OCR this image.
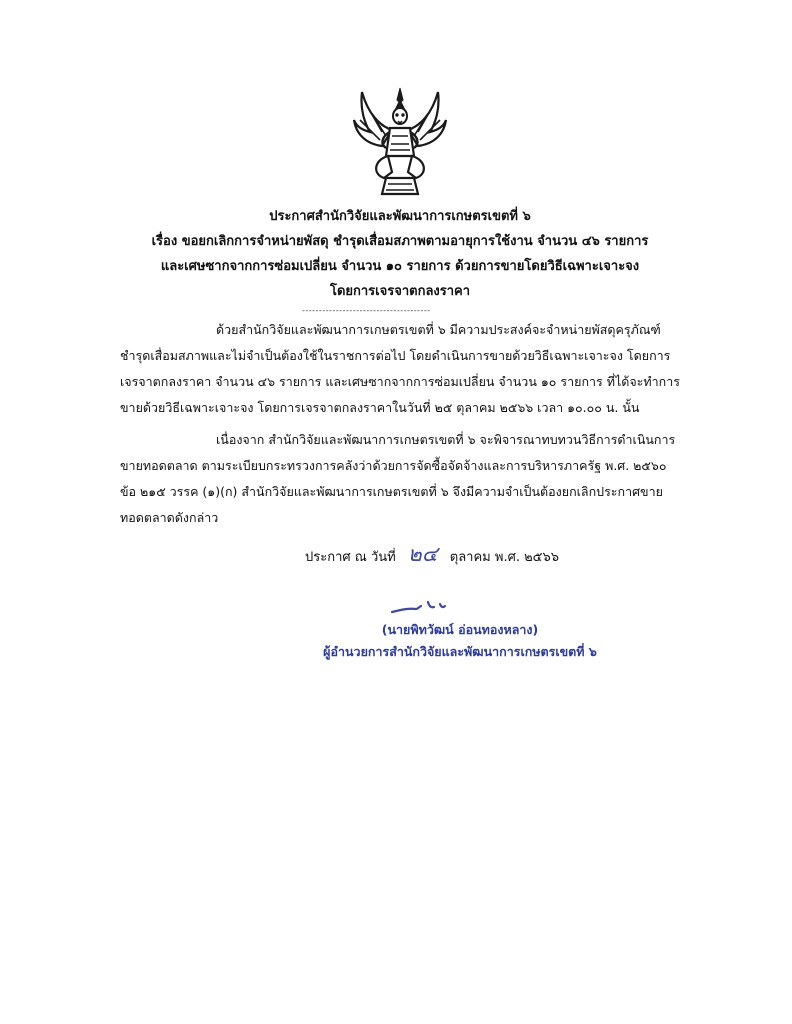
ประกาศสำนักวิจัยและพัฒนาการเกษตรเขตที่ ๖
เรื่อง ขอยกเลิกการจำหน่ายพัสดุ ชำรุดเสื่อมสภาพตามอายุการใช้งาน จำนวน ๔๖ รายการ
และเศษซากจากการซ่อมเปลี่ยน จำนวน ๑๐ รายการ ด้วยการขายโดยวิธีเฉพาะเจาะจง
โดยการเจรจาตกลงราคา
--------------------------------------
ด้วยสำนักวิจัยและพัฒนาการเกษตรเขตที่ ๖ มีความประสงค์จะจำหน่ายพัสดุครุภัณฑ์
ชำรุดเสื่อมสภาพและไม่จำเป็นต้องใช้ในราชการต่อไป โดยดำเนินการขายด้วยวิธีเฉพาะเจาะจง โดยการ
เจรจาตกลงราคา จำนวน ๔๖ รายการ และเศษซากจากการซ่อมเปลี่ยน จำนวน ๑๐ รายการ ที่ได้จะทำการ
ขายด้วยวิธีเฉพาะเจาะจง โดยการเจรจาตกลงราคาในวันที่ ๒๕ ตุลาคม ๒๕๖๖ เวลา ๑๐.๐๐ น. นั้น
เนื่องจาก สำนักวิจัยและพัฒนาการเกษตรเขตที่ ๖ จะพิจารณาทบทวนวิธีการดำเนินการ
ขายทอดตลาด ตามระเบียบกระทรวงการคลังว่าด้วยการจัดซื้อจัดจ้างและการบริหารภาครัฐ พ.ศ. ๒๕๖๐
ข้อ ๒๑๕ วรรค (๑)(ก) สำนักวิจัยและพัฒนาการเกษตรเขตที่ ๖ จึงมีความจำเป็นต้องยกเลิกประกาศขาย
ทอดตลาดดังกล่าว
ประกาศ ณ วันที่ ๒๔ ตุลาคม พ.ศ. ๒๕๖๖
(นายพิทวัฒน์ อ่อนทองหลาง)
ผู้อำนวยการสำนักวิจัยและพัฒนาการเกษตรเขตที่ ๖
